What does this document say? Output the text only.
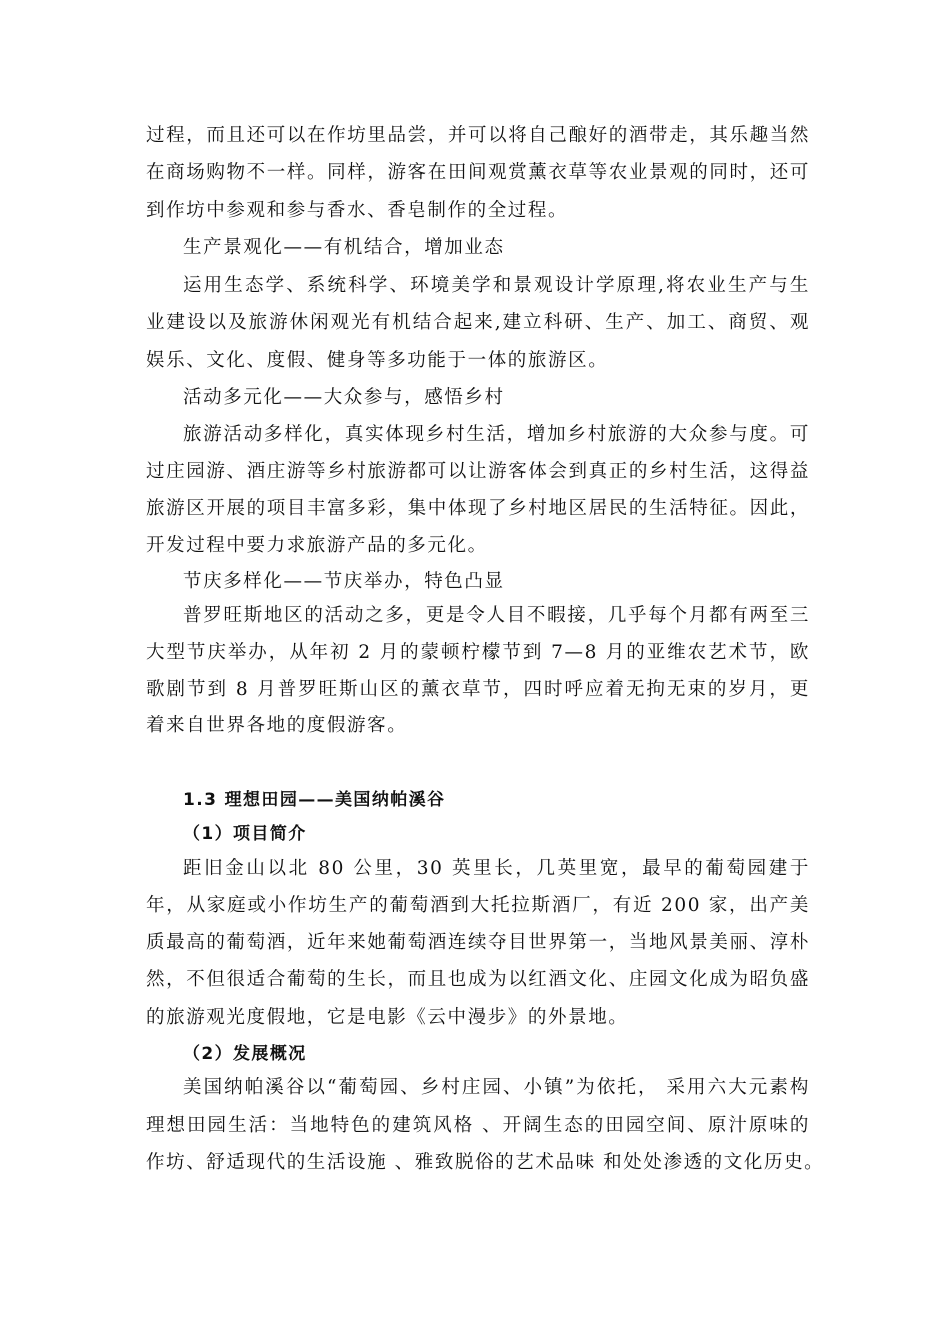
过程，而且还可以在作坊里品尝，并可以将自己酿好的酒带走，其乐趣当然
在商场购物不一样。同样，游客在田间观赏薰衣草等农业景观的同时，还可
到作坊中参观和参与香水、香皂制作的全过程。
生产景观化——有机结合，增加业态
运用生态学、系统科学、环境美学和景观设计学原理,将农业生产与生
业建设以及旅游休闲观光有机结合起来,建立科研、生产、加工、商贸、观
娱乐、文化、度假、健身等多功能于一体的旅游区。
活动多元化——大众参与，感悟乡村
旅游活动多样化，真实体现乡村生活，增加乡村旅游的大众参与度。可
过庄园游、酒庄游等乡村旅游都可以让游客体会到真正的乡村生活，这得益
旅游区开展的项目丰富多彩，集中体现了乡村地区居民的生活特征。因此，
开发过程中要力求旅游产品的多元化。
节庆多样化——节庆举办，特色凸显
普罗旺斯地区的活动之多，更是令人目不暇接，几乎每个月都有两至三
大型节庆举办，从年初 2 月的蒙顿柠檬节到 7—8 月的亚维农艺术节，欧
歌剧节到 8 月普罗旺斯山区的薰衣草节，四时呼应着无拘无束的岁月，更
着来自世界各地的度假游客。
1.3 理想田园——美国纳帕溪谷
（1）项目简介
距旧金山以北 80 公里，30 英里长，几英里宽，最早的葡萄园建于
年，从家庭或小作坊生产的葡萄酒到大托拉斯酒厂，有近 200 家，出产美
质最高的葡萄酒，近年来她葡萄酒连续夺目世界第一，当地风景美丽、淳朴
然，不但很适合葡萄的生长，而且也成为以红酒文化、庄园文化成为昭负盛
的旅游观光度假地，它是电影《云中漫步》的外景地。
（2）发展概况
美国纳帕溪谷以“葡萄园、乡村庄园、小镇”为依托， 采用六大元素构
理想田园生活：当地特色的建筑风格 、开阔生态的田园空间、原汁原味的
作坊、舒适现代的生活设施 、雅致脱俗的艺术品味 和处处渗透的文化历史。
